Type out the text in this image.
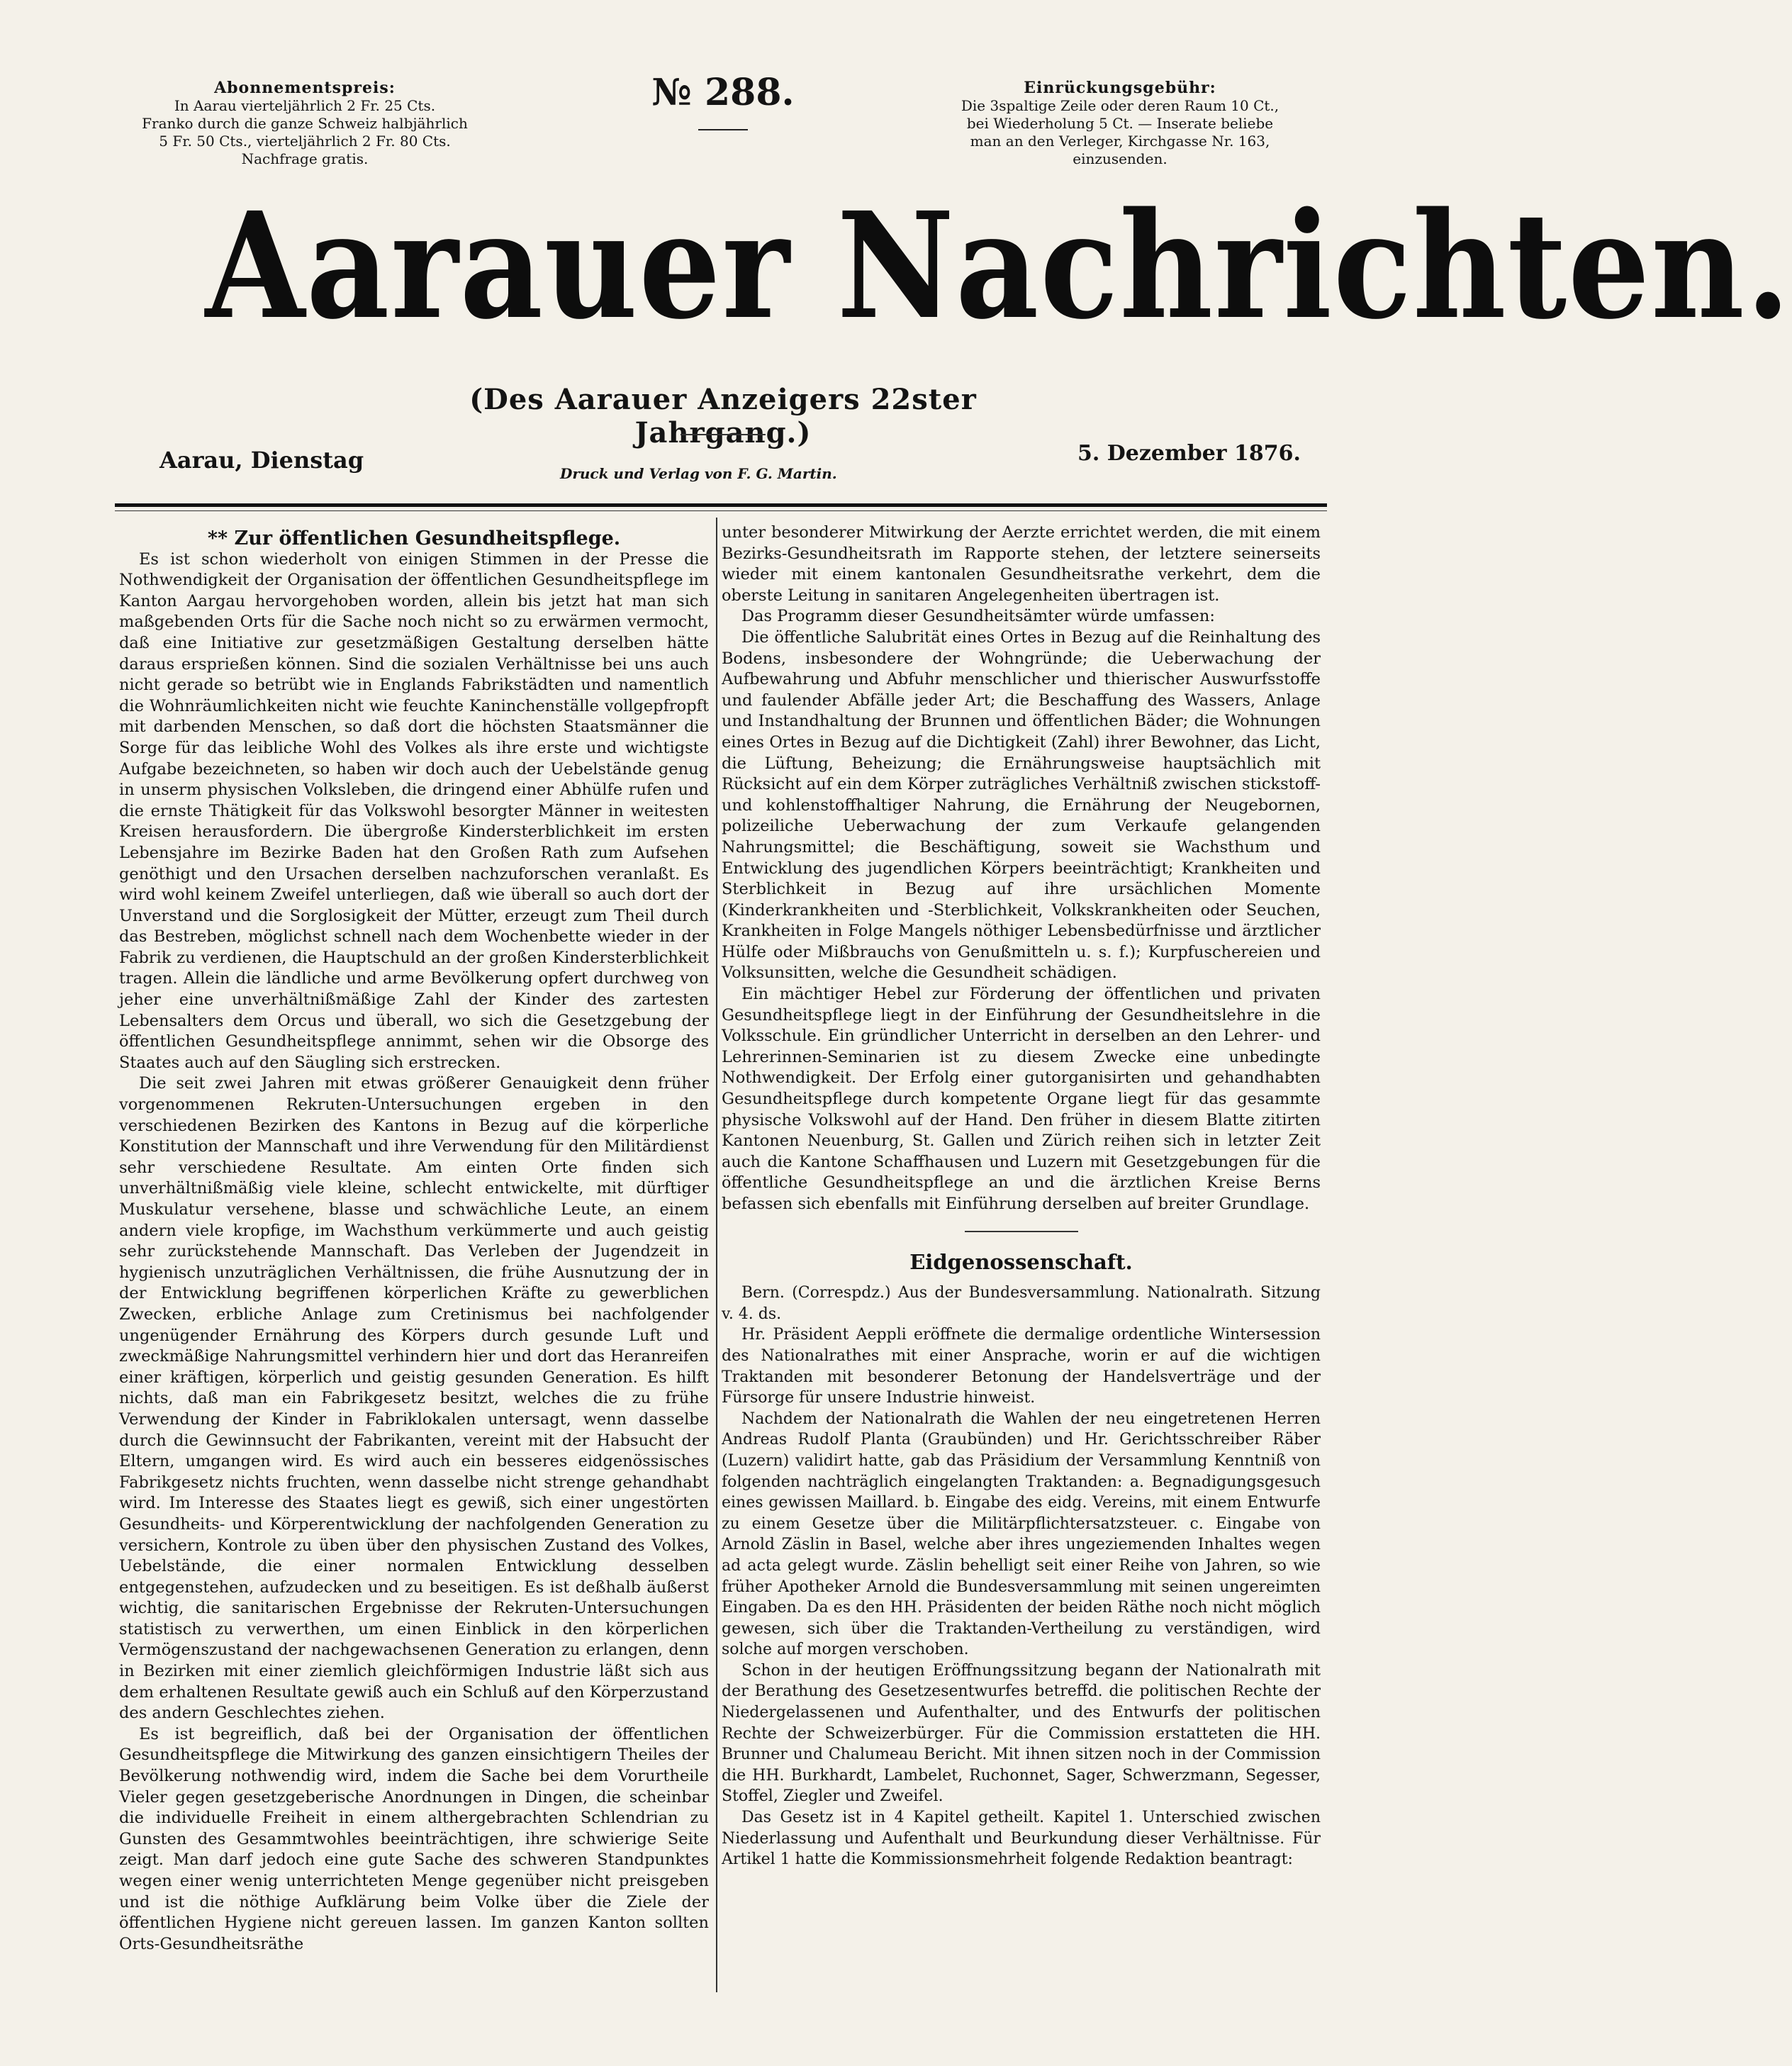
Abonnementspreis:
In Aarau vierteljährlich 2 Fr. 25 Cts.
Franko durch die ganze Schweiz halbjährlich
5 Fr. 50 Cts., vierteljährlich 2 Fr. 80 Cts.
Nachfrage gratis.
№ 288.	Einrückungsgebühr:
Die 3spaltige Zeile oder deren Raum 10 Ct.,
bei Wiederholung 5 Ct. — Inserate beliebe
man an den Verleger, Kirchgasse Nr. 163,
einzusenden.
Aarauer Nachrichten.
(Des Aarauer Anzeigers 22ster Jahrgang.)
Aarau, Dienstag	Druck und Verlag von F. G. Martin.
5. Dezember 1876.

** Zur öffentlichen Gesundheitspflege.

Es ist schon wiederholt von einigen Stimmen in der Presse die Nothwendigkeit der Organisation der öffentlichen Gesundheitspflege im Kanton Aargau hervorgehoben worden, allein bis jetzt hat man sich maßgebenden Orts für die Sache noch nicht so zu erwärmen vermocht, daß eine Initiative zur gesetzmäßigen Gestaltung derselben hätte daraus ersprießen können. Sind die sozialen Verhältnisse bei uns auch nicht gerade so betrübt wie in Englands Fabrikstädten und namentlich die Wohnräumlichkeiten nicht wie feuchte Kaninchenställe vollgepfropft mit darbenden Menschen, so daß dort die höchsten Staatsmänner die Sorge für das leibliche Wohl des Volkes als ihre erste und wichtigste Aufgabe bezeichneten, so haben wir doch auch der Uebelstände genug in unserm physischen Volksleben, die dringend einer Abhülfe rufen und die ernste Thätigkeit für das Volkswohl besorgter Männer in weitesten Kreisen herausfordern. Die übergroße Kindersterblichkeit im ersten Lebensjahre im Bezirke Baden hat den Großen Rath zum Aufsehen genöthigt und den Ursachen derselben nachzuforschen veranlaßt. Es wird wohl keinem Zweifel unterliegen, daß wie überall so auch dort der Unverstand und die Sorglosigkeit der Mütter, erzeugt zum Theil durch das Bestreben, möglichst schnell nach dem Wochenbette wieder in der Fabrik zu verdienen, die Hauptschuld an der großen Kindersterblichkeit tragen. Allein die ländliche und arme Bevölkerung opfert durchweg von jeher eine unverhältnißmäßige Zahl der Kinder des zartesten Lebensalters dem Orcus und überall, wo sich die Gesetzgebung der öffentlichen Gesundheitspflege annimmt, sehen wir die Obsorge des Staates auch auf den Säugling sich erstrecken.

Die seit zwei Jahren mit etwas größerer Genauigkeit denn früher vorgenommenen Rekruten-Untersuchungen ergeben in den verschiedenen Bezirken des Kantons in Bezug auf die körperliche Konstitution der Mannschaft und ihre Verwendung für den Militärdienst sehr verschiedene Resultate. Am einten Orte finden sich unverhältnißmäßig viele kleine, schlecht entwickelte, mit dürftiger Muskulatur versehene, blasse und schwächliche Leute, an einem andern viele kropfige, im Wachsthum verkümmerte und auch geistig sehr zurückstehende Mannschaft. Das Verleben der Jugendzeit in hygienisch unzuträglichen Verhältnissen, die frühe Ausnutzung der in der Entwicklung begriffenen körperlichen Kräfte zu gewerblichen Zwecken, erbliche Anlage zum Cretinismus bei nachfolgender ungenügender Ernährung des Körpers durch gesunde Luft und zweckmäßige Nahrungsmittel verhindern hier und dort das Heranreifen einer kräftigen, körperlich und geistig gesunden Generation. Es hilft nichts, daß man ein Fabrikgesetz besitzt, welches die zu frühe Verwendung der Kinder in Fabriklokalen untersagt, wenn dasselbe durch die Gewinnsucht der Fabrikanten, vereint mit der Habsucht der Eltern, umgangen wird. Es wird auch ein besseres eidgenössisches Fabrikgesetz nichts fruchten, wenn dasselbe nicht strenge gehandhabt wird. Im Interesse des Staates liegt es gewiß, sich einer ungestörten Gesundheits- und Körperentwicklung der nachfolgenden Generation zu versichern, Kontrole zu üben über den physischen Zustand des Volkes, Uebelstände, die einer normalen Entwicklung desselben entgegenstehen, aufzudecken und zu beseitigen. Es ist deßhalb äußerst wichtig, die sanitarischen Ergebnisse der Rekruten-Untersuchungen statistisch zu verwerthen, um einen Einblick in den körperlichen Vermögenszustand der nachgewachsenen Generation zu erlangen, denn in Bezirken mit einer ziemlich gleichförmigen Industrie läßt sich aus dem erhaltenen Resultate gewiß auch ein Schluß auf den Körperzustand des andern Geschlechtes ziehen.

Es ist begreiflich, daß bei der Organisation der öffentlichen Gesundheitspflege die Mitwirkung des ganzen einsichtigern Theiles der Bevölkerung nothwendig wird, indem die Sache bei dem Vorurtheile Vieler gegen gesetzgeberische Anordnungen in Dingen, die scheinbar die individuelle Freiheit in einem althergebrachten Schlendrian zu Gunsten des Gesammtwohles beeinträchtigen, ihre schwierige Seite zeigt. Man darf jedoch eine gute Sache des schweren Standpunktes wegen einer wenig unterrichteten Menge gegenüber nicht preisgeben und ist die nöthige Aufklärung beim Volke über die Ziele der öffentlichen Hygiene nicht gereuen lassen. Im ganzen Kanton sollten Orts-Gesundheitsräthe

unter besonderer Mitwirkung der Aerzte errichtet werden, die mit einem Bezirks-Gesundheitsrath im Rapporte stehen, der letztere seinerseits wieder mit einem kantonalen Gesundheitsrathe verkehrt, dem die oberste Leitung in sanitaren Angelegenheiten übertragen ist.

Das Programm dieser Gesundheitsämter würde umfassen:

Die öffentliche Salubrität eines Ortes in Bezug auf die Reinhaltung des Bodens, insbesondere der Wohngründe; die Ueberwachung der Aufbewahrung und Abfuhr menschlicher und thierischer Auswurfsstoffe und faulender Abfälle jeder Art; die Beschaffung des Wassers, Anlage und Instandhaltung der Brunnen und öffentlichen Bäder; die Wohnungen eines Ortes in Bezug auf die Dichtigkeit (Zahl) ihrer Bewohner, das Licht, die Lüftung, Beheizung; die Ernährungsweise hauptsächlich mit Rücksicht auf ein dem Körper zuträgliches Verhältniß zwischen stickstoff- und kohlenstoffhaltiger Nahrung, die Ernährung der Neugebornen, polizeiliche Ueberwachung der zum Verkaufe gelangenden Nahrungsmittel; die Beschäftigung, soweit sie Wachsthum und Entwicklung des jugendlichen Körpers beeinträchtigt; Krankheiten und Sterblichkeit in Bezug auf ihre ursächlichen Momente (Kinderkrankheiten und -Sterblichkeit, Volkskrankheiten oder Seuchen, Krankheiten in Folge Mangels nöthiger Lebensbedürfnisse und ärztlicher Hülfe oder Mißbrauchs von Genußmitteln u. s. f.); Kurpfuschereien und Volksunsitten, welche die Gesundheit schädigen.

Ein mächtiger Hebel zur Förderung der öffentlichen und privaten Gesundheitspflege liegt in der Einführung der Gesundheitslehre in die Volksschule. Ein gründlicher Unterricht in derselben an den Lehrer- und Lehrerinnen-Seminarien ist zu diesem Zwecke eine unbedingte Nothwendigkeit. Der Erfolg einer gutorganisirten und gehandhabten Gesundheitspflege durch kompetente Organe liegt für das gesammte physische Volkswohl auf der Hand. Den früher in diesem Blatte zitirten Kantonen Neuenburg, St. Gallen und Zürich reihen sich in letzter Zeit auch die Kantone Schaffhausen und Luzern mit Gesetzgebungen für die öffentliche Gesundheitspflege an und die ärztlichen Kreise Berns befassen sich ebenfalls mit Einführung derselben auf breiter Grundlage.

Eidgenossenschaft.

Bern. (Correspdz.) Aus der Bundesversammlung. Nationalrath. Sitzung v. 4. ds.

Hr. Präsident Aeppli eröffnete die dermalige ordentliche Wintersession des Nationalrathes mit einer Ansprache, worin er auf die wichtigen Traktanden mit besonderer Betonung der Handelsverträge und der Fürsorge für unsere Industrie hinweist.

Nachdem der Nationalrath die Wahlen der neu eingetretenen Herren Andreas Rudolf Planta (Graubünden) und Hr. Gerichtsschreiber Räber (Luzern) validirt hatte, gab das Präsidium der Versammlung Kenntniß von folgenden nachträglich eingelangten Traktanden: a. Begnadigungsgesuch eines gewissen Maillard. b. Eingabe des eidg. Vereins, mit einem Entwurfe zu einem Gesetze über die Militärpflichtersatzsteuer. c. Eingabe von Arnold Zäslin in Basel, welche aber ihres ungeziemenden Inhaltes wegen ad acta gelegt wurde. Zäslin behelligt seit einer Reihe von Jahren, so wie früher Apotheker Arnold die Bundesversammlung mit seinen ungereimten Eingaben. Da es den HH. Präsidenten der beiden Räthe noch nicht möglich gewesen, sich über die Traktanden-Vertheilung zu verständigen, wird solche auf morgen verschoben.

Schon in der heutigen Eröffnungssitzung begann der Nationalrath mit der Berathung des Gesetzesentwurfes betreffd. die politischen Rechte der Niedergelassenen und Aufenthalter, und des Entwurfs der politischen Rechte der Schweizerbürger. Für die Commission erstatteten die HH. Brunner und Chalumeau Bericht. Mit ihnen sitzen noch in der Commission die HH. Burkhardt, Lambelet, Ruchonnet, Sager, Schwerzmann, Segesser, Stoffel, Ziegler und Zweifel.

Das Gesetz ist in 4 Kapitel getheilt. Kapitel 1. Unterschied zwischen Niederlassung und Aufenthalt und Beurkundung dieser Verhältnisse. Für Artikel 1 hatte die Kommissionsmehrheit folgende Redaktion beantragt:
